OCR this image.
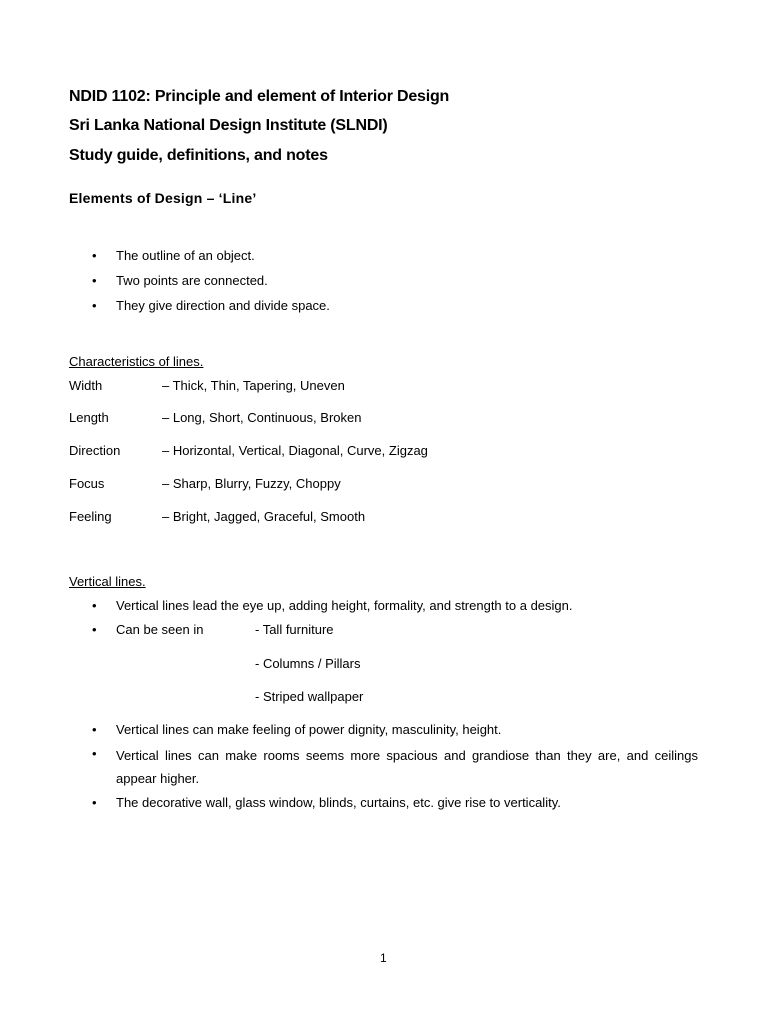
NDID 1102: Principle and element of Interior Design
Sri Lanka National Design Institute (SLNDI)
Study guide, definitions, and notes
Elements of Design – ‘Line’
• The outline of an object.
• Two points are connected.
• They give direction and divide space.
Characteristics of lines.
Width	– Thick, Thin, Tapering, Uneven
Length	– Long, Short, Continuous, Broken
Direction	– Horizontal, Vertical, Diagonal, Curve, Zigzag
Focus	– Sharp, Blurry, Fuzzy, Choppy
Feeling	– Bright, Jagged, Graceful, Smooth
Vertical lines.
• Vertical lines lead the eye up, adding height, formality, and strength to a design.
• Can be seen in	- Tall furniture
- Columns / Pillars
- Striped wallpaper
• Vertical lines can make feeling of power dignity, masculinity, height.
• Vertical lines can make rooms seems more spacious and grandiose than they are, and ceilings appear higher.
• The decorative wall, glass window, blinds, curtains, etc. give rise to verticality.
1
